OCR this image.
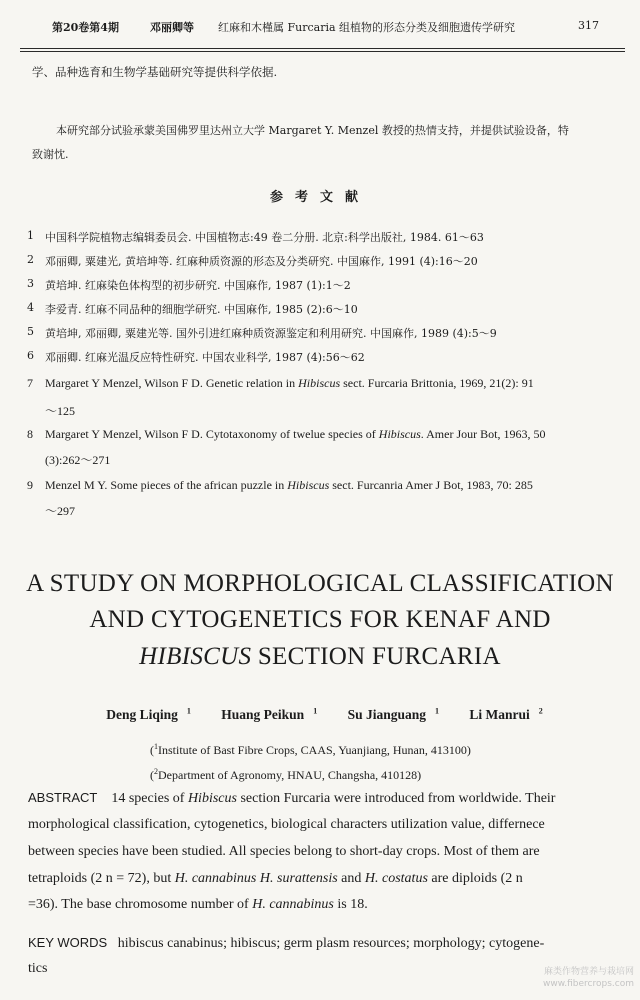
第20卷第4期	邓丽卿等 红麻和木槿属 Furcaria 组植物的形态分类及细胞遗传学研究	317
学、品种选育和生物学基础研究等提供科学依据.
本研究部分试验承蒙美国佛罗里达州立大学 Margaret Y. Menzel 教授的热情支持，并提供试验设备，特
致谢忱.
参考文献
1 中国科学院植物志编辑委员会. 中国植物志:49 卷二分册. 北京:科学出版社, 1984. 61～63
2 邓丽卿, 粟建光, 黄培坤等. 红麻种质资源的形态及分类研究. 中国麻作, 1991 (4):16～20
3 黄培坤. 红麻染色体构型的初步研究. 中国麻作, 1987 (1):1～2
4 李爱青. 红麻不同品种的细胞学研究. 中国麻作, 1985 (2):6～10
5 黄培坤, 邓丽卿, 粟建光等. 国外引进红麻种质资源鉴定和利用研究. 中国麻作, 1989 (4):5～9
6 邓丽卿. 红麻光温反应特性研究. 中国农业科学, 1987 (4):56～62
7 Margaret Y Menzel, Wilson F D. Genetic relation in Hibiscus sect. Furcaria Brittonia, 1969, 21(2): 91
～125
8 Margaret Y Menzel, Wilson F D. Cytotaxonomy of twelue species of Hibiscus. Amer Jour Bot, 1963, 50
(3):262～271
9 Menzel M Y. Some pieces of the african puzzle in Hibiscus sect. Furcanria Amer J Bot, 1983, 70: 285
～297
A STUDY ON MORPHOLOGICAL CLASSIFICATION
AND CYTOGENETICS FOR KENAF AND
HIBISCUS SECTION FURCARIA
Deng Liqing $^1$ Huang Peikun $^1$ Su Jianguang $^1$ Li Manrui $^2$
($^1$Institute of Bast Fibre Crops, CAAS, Yuanjiang, Hunan, 413100)
($^2$Department of Agronomy, HNAU, Changsha, 410128)
ABSTRACT 14 species of Hibiscus section Furcaria were introduced from worldwide. Their
morphological classification, cytogenetics, biological characters utilization value, differnece
between species have been studied. All species belong to short-day crops. Most of them are
tetraploids (2 n = 72), but H. cannabinus H. surattensis and H. costatus are diploids (2 n
=36). The base chromosome number of H. cannabinus is 18.
KEY WORDS hibiscus canabinus; hibiscus; germ plasm resources; morphology; cytogene-
tics	麻类作物营养与栽培网
www.fibercrops.com
